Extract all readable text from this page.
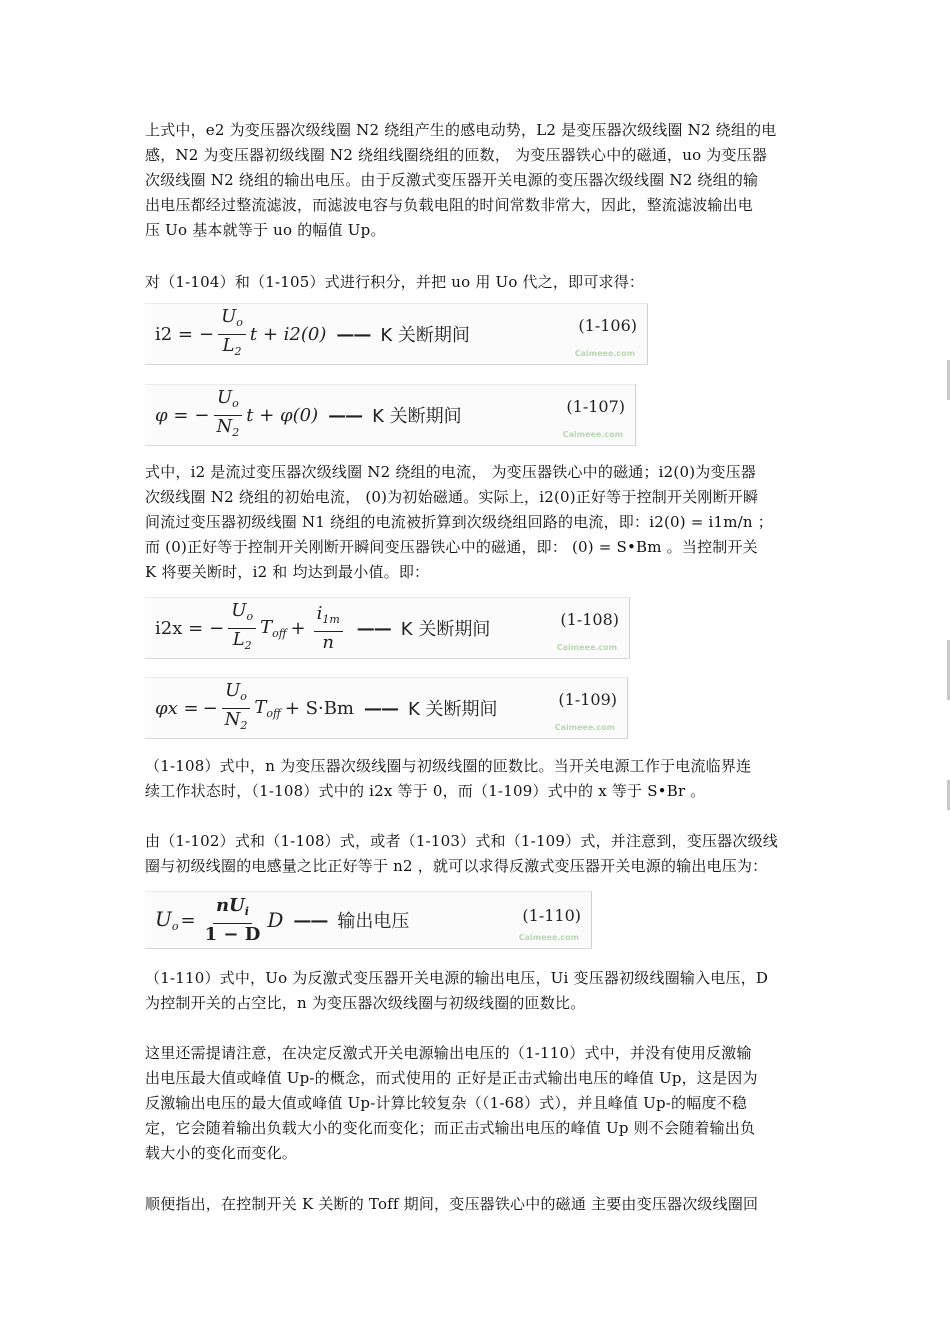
上式中，e2 为变压器次级线圈 N2 绕组产生的感电动势，L2 是变压器次级线圈 N2 绕组的电
感，N2 为变压器初级线圈 N2 绕组线圈绕组的匝数， 为变压器铁心中的磁通，uo 为变压器
次级线圈 N2 绕组的输出电压。由于反激式变压器开关电源的变压器次级线圈 N2 绕组的输
出电压都经过整流滤波，而滤波电容与负载电阻的时间常数非常大，因此，整流滤波输出电
压 Uo 基本就等于 uo 的幅值 Up。
对（1-104）和（1-105）式进行积分，并把 uo 用 Uo 代之，即可求得：
i2 = − $\frac{U_o}{L_2}$ t + i2(0) —— K 关断期间	(1-106)
Caimeee.com
φ = − $\frac{U_o}{N_2}$ t + φ(0) —— K 关断期间	(1-107)
Caimeee.com
式中，i2 是流过变压器次级线圈 N2 绕组的电流， 为变压器铁心中的磁通；i2(0)为变压器
次级线圈 N2 绕组的初始电流， (0)为初始磁通。实际上，i2(0)正好等于控制开关刚断开瞬
间流过变压器初级线圈 N1 绕组的电流被折算到次级绕组回路的电流，即：i2(0) = i1m/n ；
而 (0)正好等于控制开关刚断开瞬间变压器铁心中的磁通，即： (0) = S•Bm 。当控制开关
K 将要关断时，i2 和 均达到最小值。即：
i2x = − $\frac{U_o}{L_2} T_{off} + \frac{i_{1m}}{n}$ —— K 关断期间	(1-108)
Caimeee.com
φx = − $\frac{U_o}{N_2} T_{off} + S\cdot Bm$ —— K 关断期间	(1-109)
Caimeee.com
（1-108）式中，n 为变压器次级线圈与初级线圈的匝数比。当开关电源工作于电流临界连
续工作状态时，（1-108）式中的 i2x 等于 0，而（1-109）式中的 x 等于 S•Br 。
由（1-102）式和（1-108）式，或者（1-103）式和（1-109）式，并注意到，变压器次级线
圈与初级线圈的电感量之比正好等于 n2 ，就可以求得反激式变压器开关电源的输出电压为：
$U_o = \frac{nU_i}{1 - D}$ D —— 输出电压	(1-110)
Caimeee.com
（1-110）式中，Uo 为反激式变压器开关电源的输出电压，Ui 变压器初级线圈输入电压，D
为控制开关的占空比，n 为变压器次级线圈与初级线圈的匝数比。
这里还需提请注意，在决定反激式开关电源输出电压的（1-110）式中，并没有使用反激输
出电压最大值或峰值 Up-的概念，而式使用的 正好是正击式输出电压的峰值 Up，这是因为
反激输出电压的最大值或峰值 Up-计算比较复杂（（1-68）式），并且峰值 Up-的幅度不稳
定，它会随着输出负载大小的变化而变化；而正击式输出电压的峰值 Up 则不会随着输出负
载大小的变化而变化。
顺便指出，在控制开关 K 关断的 Toff 期间，变压器铁心中的磁通 主要由变压器次级线圈回
